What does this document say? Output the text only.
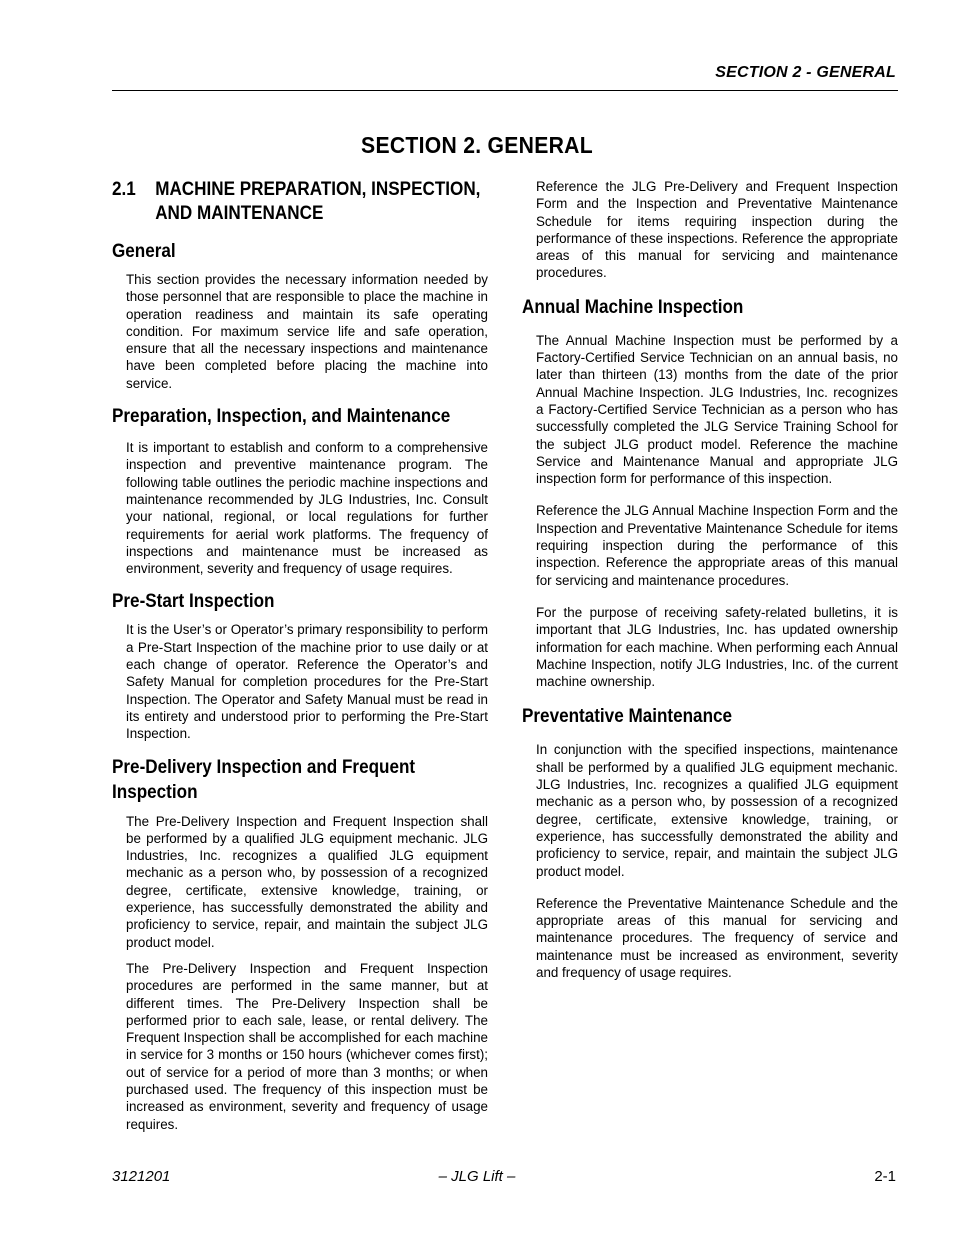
SECTION 2 - GENERAL
SECTION 2. GENERAL
2.1 MACHINE PREPARATION, INSPECTION,
AND MAINTENANCE
General

This section provides the necessary information needed by those personnel that are responsible to place the machine in operation readiness and maintain its safe operating condition. For maximum service life and safe operation, ensure that all the necessary inspections and maintenance have been completed before placing the machine into service.

Preparation, Inspection, and Maintenance

It is important to establish and conform to a comprehensive inspection and preventive maintenance program. The following table outlines the periodic machine inspections and maintenance recommended by JLG Industries, Inc. Consult your national, regional, or local regulations for further requirements for aerial work platforms. The frequency of inspections and maintenance must be increased as environment, severity and frequency of usage requires.

Pre-Start Inspection

It is the User’s or Operator’s primary responsibility to perform a Pre-Start Inspection of the machine prior to use daily or at each change of operator. Reference the Operator’s and Safety Manual for completion procedures for the Pre-Start Inspection. The Operator and Safety Manual must be read in its entirety and understood prior to performing the Pre-Start Inspection.

Pre-Delivery Inspection and Frequent
Inspection

The Pre-Delivery Inspection and Frequent Inspection shall be performed by a qualified JLG equipment mechanic. JLG Industries, Inc. recognizes a qualified JLG equipment mechanic as a person who, by possession of a recognized degree, certificate, extensive knowledge, training, or experience, has successfully demonstrated the ability and proficiency to service, repair, and maintain the subject JLG product model.

The Pre-Delivery Inspection and Frequent Inspection procedures are performed in the same manner, but at different times. The Pre-Delivery Inspection shall be performed prior to each sale, lease, or rental delivery. The Frequent Inspection shall be accomplished for each machine in service for 3 months or 150 hours (whichever comes first); out of service for a period of more than 3 months; or when purchased used. The frequency of this inspection must be increased as environment, severity and frequency of usage requires.

Reference the JLG Pre-Delivery and Frequent Inspection Form and the Inspection and Preventative Maintenance Schedule for items requiring inspection during the performance of these inspections. Reference the appropriate areas of this manual for servicing and maintenance procedures.

Annual Machine Inspection

The Annual Machine Inspection must be performed by a Factory-Certified Service Technician on an annual basis, no later than thirteen (13) months from the date of the prior Annual Machine Inspection. JLG Industries, Inc. recognizes a Factory-Certified Service Technician as a person who has successfully completed the JLG Service Training School for the subject JLG product model. Reference the machine Service and Maintenance Manual and appropriate JLG inspection form for performance of this inspection.

Reference the JLG Annual Machine Inspection Form and the Inspection and Preventative Maintenance Schedule for items requiring inspection during the performance of this inspection. Reference the appropriate areas of this manual for servicing and maintenance procedures.

For the purpose of receiving safety-related bulletins, it is important that JLG Industries, Inc. has updated ownership information for each machine. When performing each Annual Machine Inspection, notify JLG Industries, Inc. of the current machine ownership.

Preventative Maintenance

In conjunction with the specified inspections, maintenance shall be performed by a qualified JLG equipment mechanic. JLG Industries, Inc. recognizes a qualified JLG equipment mechanic as a person who, by possession of a recognized degree, certificate, extensive knowledge, training, or experience, has successfully demonstrated the ability and proficiency to service, repair, and maintain the subject JLG product model.

Reference the Preventative Maintenance Schedule and the appropriate areas of this manual for servicing and maintenance procedures. The frequency of service and maintenance must be increased as environment, severity and frequency of usage requires.

3121201	– JLG Lift –	2-1
